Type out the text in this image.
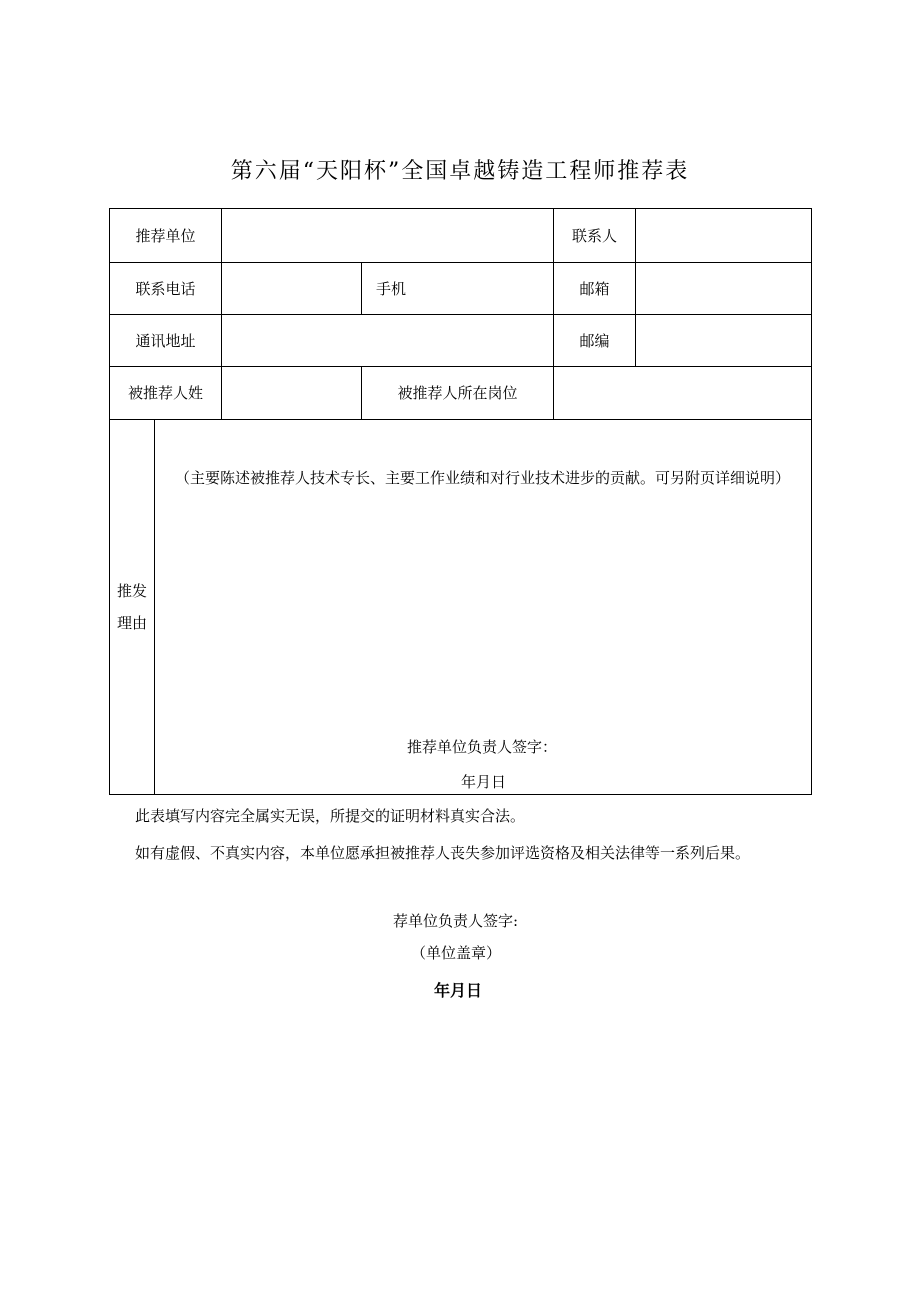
第六届“天阳杯”全国卓越铸造工程师推荐表
推荐单位	联系人
联系电话	手机	邮箱
通讯地址	邮编
被推荐人姓	被推荐人所在岗位
推发
理由
（主要陈述被推荐人技术专长、主要工作业绩和对行业技术进步的贡献。可另附页详细说明）
推荐单位负责人签字：
年月日
此表填写内容完全属实无误，所提交的证明材料真实合法。
如有虚假、不真实内容，本单位愿承担被推荐人丧失参加评选资格及相关法律等一系列后果。
荐单位负责人签字:
（单位盖章）
年月日
